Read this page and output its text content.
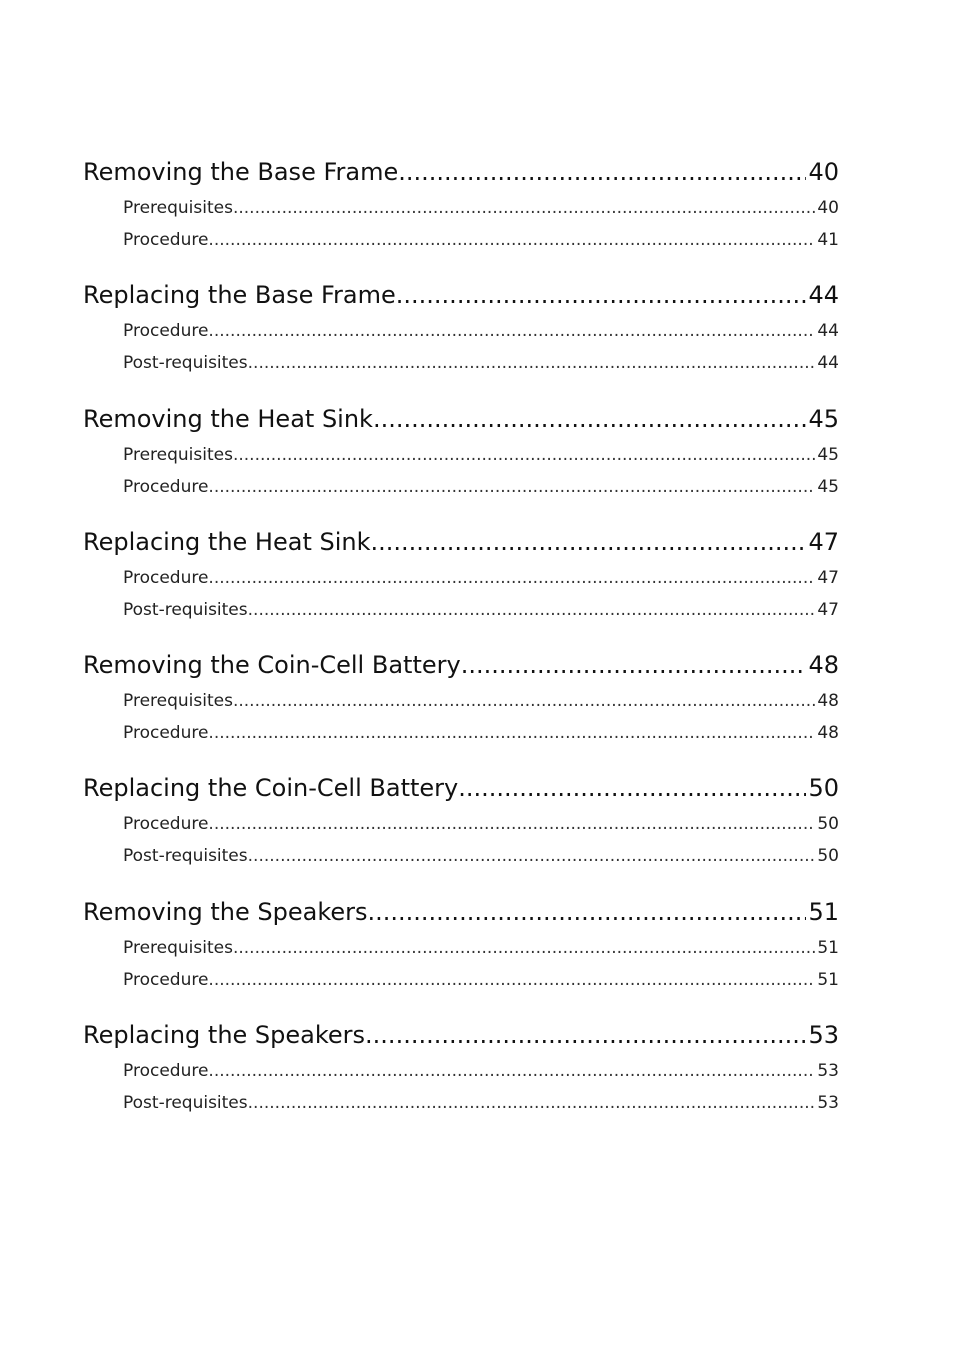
Removing the Base Frame .....	40
Prerequisites .....	40
Procedure .....	41
Replacing the Base Frame .....	44
Procedure .....	44
Post-requisites .....	44
Removing the Heat Sink .....	45
Prerequisites .....	45
Procedure .....	45
Replacing the Heat Sink .....	47
Procedure .....	47
Post-requisites .....	47
Removing the Coin-Cell Battery .....	48
Prerequisites .....	48
Procedure .....	48
Replacing the Coin-Cell Battery .....	50
Procedure .....	50
Post-requisites .....	50
Removing the Speakers .....	51
Prerequisites .....	51
Procedure .....	51
Replacing the Speakers .....	53
Procedure .....	53
Post-requisites .....	53
